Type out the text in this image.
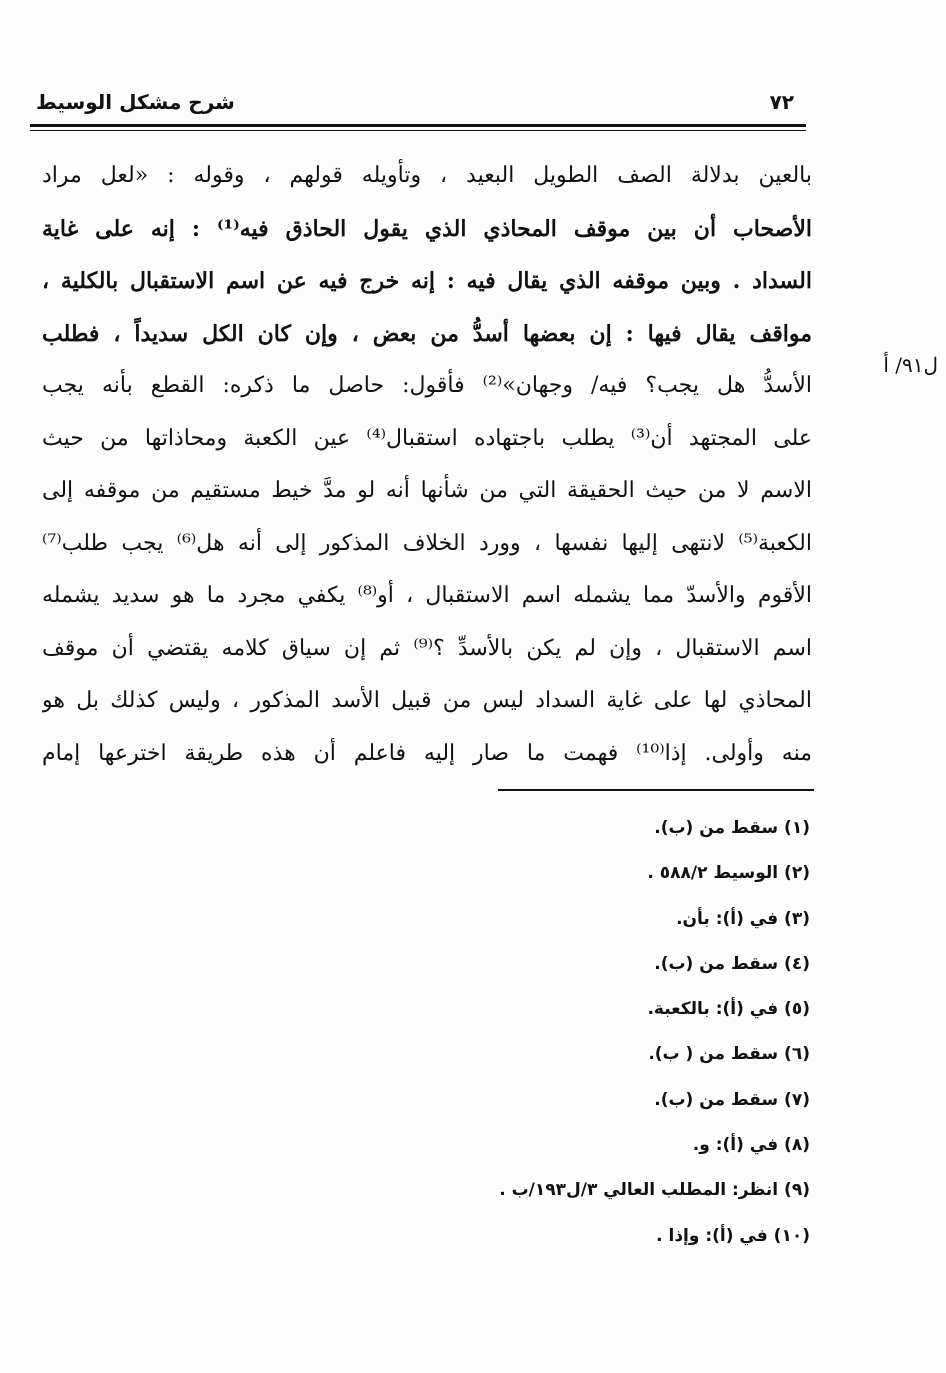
٧٢
شرح مشكل الوسيط
بالعين بدلالة الصف الطويل البعيد ، وتأويله قولهم ، وقوله : «لعل مراد
الأصحاب أن بين موقف المحاذي الذي يقول الحاذق فيه⁽¹⁾ : إنه على غاية
السداد . وبين موقفه الذي يقال فيه : إنه خرج فيه عن اسم الاستقبال بالكلية ،
مواقف يقال فيها : إن بعضها أسدُّ من بعض ، وإن كان الكل سديداً ، فطلب
الأسدُّ هل يجب؟ فيه/ وجهان»⁽²⁾ فأقول: حاصل ما ذكره: القطع بأنه يجب
على المجتهد أن⁽³⁾ يطلب باجتهاده استقبال⁽⁴⁾ عين الكعبة ومحاذاتها من حيث
الاسم لا من حيث الحقيقة التي من شأنها أنه لو مدَّ خيط مستقيم من موقفه إلى
الكعبة⁽⁵⁾ لانتهى إليها نفسها ، وورد الخلاف المذكور إلى أنه هل⁽⁶⁾ يجب طلب⁽⁷⁾
الأقوم والأسدّ مما يشمله اسم الاستقبال ، أو⁽⁸⁾ يكفي مجرد ما هو سديد يشمله
اسم الاستقبال ، وإن لم يكن بالأسدِّ ؟⁽⁹⁾ ثم إن سياق كلامه يقتضي أن موقف
المحاذي لها على غاية السداد ليس من قبيل الأسد المذكور ، وليس كذلك بل هو
منه وأولى. إذا⁽¹⁰⁾ فهمت ما صار إليه فاعلم أن هذه طريقة اخترعها إمام
ل٩١/ أ
(١) سقط من (ب).
(٢) الوسيط ٥٨٨/٢ .
(٣) في (أ): بأن.
(٤) سقط من (ب).
(٥) في (أ): بالكعبة.
(٦) سقط من ( ب).
(٧) سقط من (ب).
(٨) في (أ): و.
(٩) انظر: المطلب العالي ٣/ل١٩٣/ب .
(١٠) في (أ): وإذا .
